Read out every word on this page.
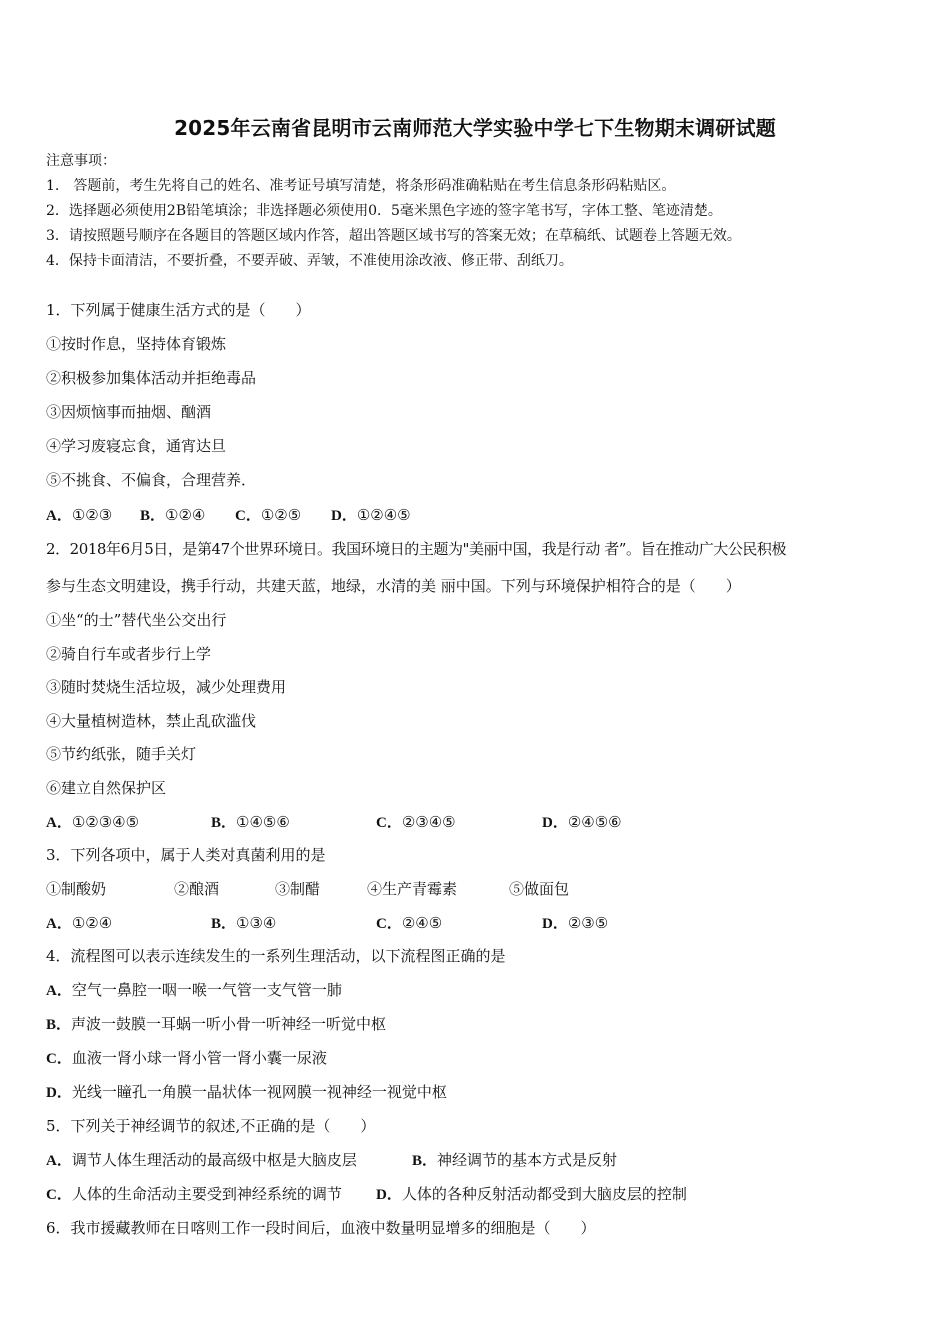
2025年云南省昆明市云南师范大学实验中学七下生物期末调研试题
注意事项：
1.　答题前，考生先将自己的姓名、准考证号填写清楚，将条形码准确粘贴在考生信息条形码粘贴区。
2．选择题必须使用2B铅笔填涂；非选择题必须使用0．5毫米黑色字迹的签字笔书写，字体工整、笔迹清楚。
3．请按照题号顺序在各题目的答题区域内作答，超出答题区域书写的答案无效；在草稿纸、试题卷上答题无效。
4．保持卡面清洁，不要折叠，不要弄破、弄皱，不准使用涂改液、修正带、刮纸刀。
1．下列属于健康生活方式的是（　　）
①按时作息，坚持体育锻炼
②积极参加集体活动并拒绝毒品
③因烦恼事而抽烟、酗酒
④学习废寝忘食，通宵达旦
⑤不挑食、不偏食，合理营养．
A．①②③ B．①②④ C．①②⑤ D．①②④⑤
2．2018年6月5日，是第47个世界环境日。我国环境日的主题为"美丽中国，我是行动 者”。旨在推动广大公民积极
参与生态文明建设，携手行动，共建天蓝，地绿，水清的美 丽中国。下列与环境保护相符合的是（　　）
①坐“的士”替代坐公交出行
②骑自行车或者步行上学
③随时焚烧生活垃圾，减少处理费用
④大量植树造林，禁止乱砍滥伐
⑤节约纸张，随手关灯
⑥建立自然保护区
A．①②③④⑤	B．①④⑤⑥	C．②③④⑤	D．②④⑤⑥
3．下列各项中，属于人类对真菌利用的是
①制酸奶	②酿酒	③制醋	④生产青霉素	⑤做面包
A．①②④	B．①③④	C．②④⑤	D．②③⑤
4．流程图可以表示连续发生的一系列生理活动，以下流程图正确的是
A．空气一鼻腔一咽一喉一气管一支气管一肺
B．声波一鼓膜一耳蜗一听小骨一听神经一听觉中枢
C．血液一肾小球一肾小管一肾小囊一尿液
D．光线一瞳孔一角膜一晶状体一视网膜一视神经一视觉中枢
5．下列关于神经调节的叙述,不正确的是（　　）
A．调节人体生理活动的最高级中枢是大脑皮层	B．神经调节的基本方式是反射
C．人体的生命活动主要受到神经系统的调节 D．人体的各种反射活动都受到大脑皮层的控制
6．我市援藏教师在日喀则工作一段时间后，血液中数量明显增多的细胞是（　　）
